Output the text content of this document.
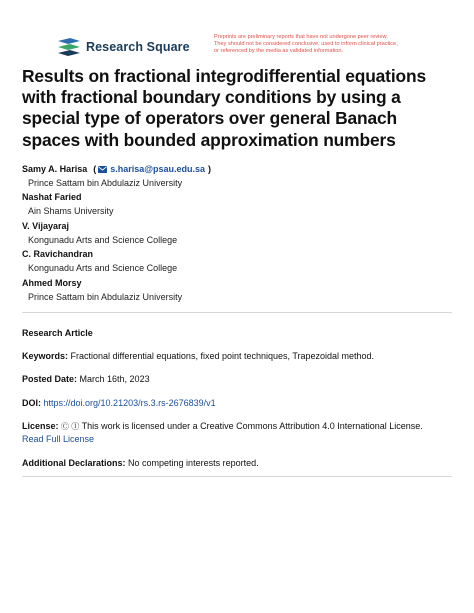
Research Square
Preprints are preliminary reports that have not undergone peer review.
They should not be considered conclusive, used to inform clinical practice,
or referenced by the media as validated information.
Results on fractional integrodifferential equations
with fractional boundary conditions by using a
special type of operators over general Banach
spaces with bounded approximation numbers
Samy A. Harisa ( s.harisa@psau.edu.sa )
Prince Sattam bin Abdulaziz University
Nashat Faried
Ain Shams University
V. Vijayaraj
Kongunadu Arts and Science College
C. Ravichandran
Kongunadu Arts and Science College
Ahmed Morsy
Prince Sattam bin Abdulaziz University
Research Article
Keywords: Fractional differential equations, fixed point techniques, Trapezoidal method.
Posted Date: March 16th, 2023
DOI: https://doi.org/10.21203/rs.3.rs-2676839/v1
License: Ⓒ Ⓘ This work is licensed under a Creative Commons Attribution 4.0 International License.
Read Full License
Additional Declarations: No competing interests reported.
